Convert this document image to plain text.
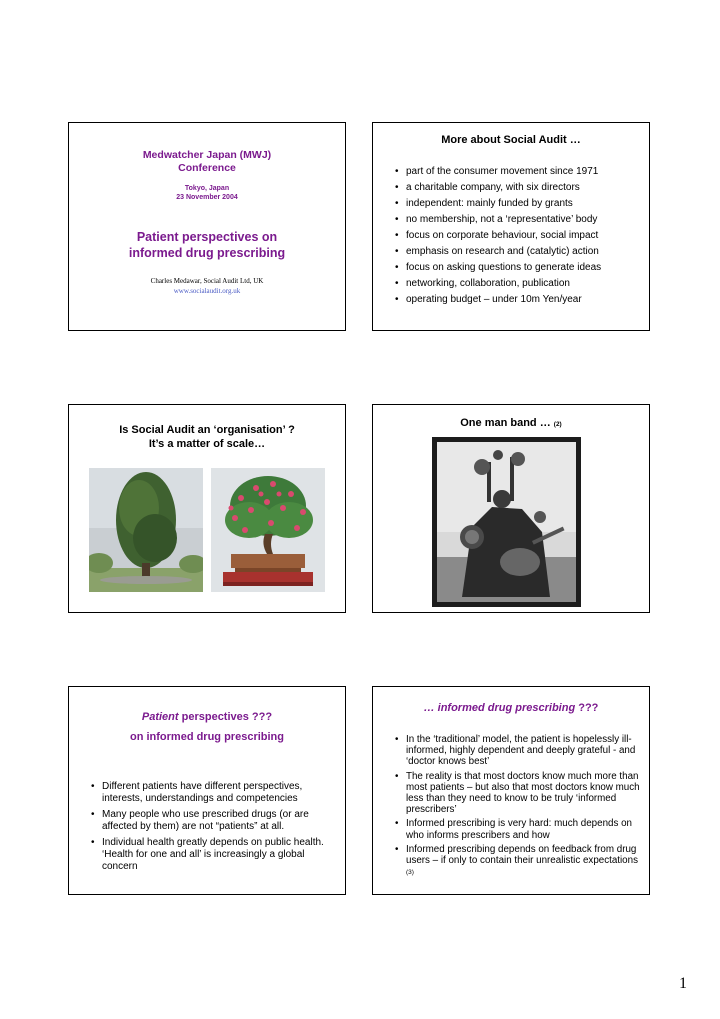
Medwatcher Japan (MWJ)
Conference
Tokyo, Japan
23 November 2004
Patient perspectives on
informed drug prescribing
Charles Medawar, Social Audit Ltd, UK
www.socialaudit.org.uk
More about Social Audit …
• part of the consumer movement since 1971
• a charitable company, with six directors
• independent: mainly funded by grants
• no membership, not a ‘representative’ body
• focus on corporate behaviour, social impact
• emphasis on research and (catalytic) action
• focus on asking questions to generate ideas
• networking, collaboration, publication
• operating budget – under 10m Yen/year
Is Social Audit an ‘organisation’ ?
It’s a matter of scale…
One man band … (2)
Patient perspectives ???
on informed drug prescribing
• Different patients have different perspectives, interests, understandings and competencies
• Many people who use prescribed drugs (or are affected by them) are not “patients” at all.
• Individual health greatly depends on public health. ‘Health for one and all’ is increasingly a global concern
… informed drug prescribing ???
• In the ‘traditional’ model, the patient is hopelessly ill-informed, highly dependent and deeply grateful - and ‘doctor knows best’
• The reality is that most doctors know much more than most patients – but also that most doctors know much less than they need to know to be truly ‘informed prescribers’
• Informed prescribing is very hard: much depends on who informs prescribers and how
• Informed prescribing depends on feedback from drug users – if only to contain their unrealistic expectations (3)
1
